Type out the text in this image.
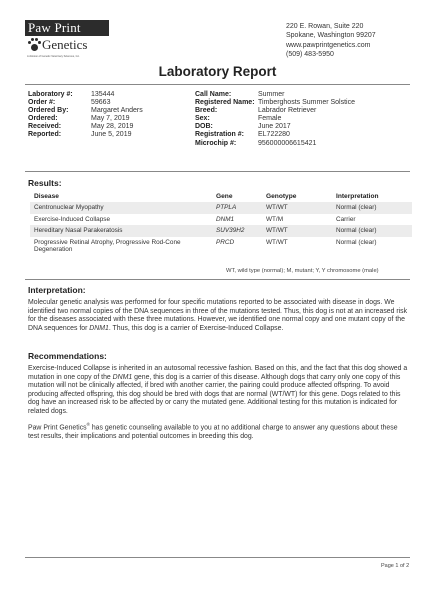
Paw Print
Genetics
A division of Genetic Veterinary Sciences, Inc.
220 E. Rowan, Suite 220
Spokane, Washington 99207
www.pawprintgenetics.com
(509) 483-5950
Laboratory Report
Laboratory #:	135444
Order #:	59663
Ordered By:	Margaret Anders
Ordered:	May 7, 2019
Received:	May 28, 2019
Reported:	June 5, 2019
Call Name:	Summer
Registered Name: Timberghosts Summer Solstice
Breed:	Labrador Retriever
Sex:	Female
DOB:	June 2017
Registration #:	EL722280
Microchip #:	956000006615421
Results:
Disease	Gene	Genotype	Interpretation
Centronuclear Myopathy	PTPLA	WT/WT	Normal (clear)
Exercise-Induced Collapse	DNM1	WT/M	Carrier
Hereditary Nasal Parakeratosis	SUV39H2	WT/WT	Normal (clear)
Progressive Retinal Atrophy, Progressive Rod-Cone Degeneration	PRCD	WT/WT	Normal (clear)
WT, wild type (normal); M, mutant; Y, Y chromosome (male)
Interpretation:
Molecular genetic analysis was performed for four specific mutations reported to be associated with disease in dogs. We identified two normal copies of the DNA sequences in three of the mutations tested. Thus, this dog is not at an increased risk for the diseases associated with these three mutations. However, we identified one normal copy and one mutant copy of the DNA sequences for DNM1. Thus, this dog is a carrier of Exercise-Induced Collapse.
Recommendations:
Exercise-Induced Collapse is inherited in an autosomal recessive fashion. Based on this, and the fact that this dog showed a mutation in one copy of the DNM1 gene, this dog is a carrier of this disease. Although dogs that carry only one copy of this mutation will not be clinically affected, if bred with another carrier, the pairing could produce affected offspring. To avoid producing affected offspring, this dog should be bred with dogs that are normal (WT/WT) for this gene. Dogs related to this dog have an increased risk to be affected by or carry the mutated gene. Additional testing for this mutation is indicated for related dogs.
Paw Print Genetics® has genetic counseling available to you at no additional charge to answer any questions about these test results, their implications and potential outcomes in breeding this dog.
Page 1 of 2
